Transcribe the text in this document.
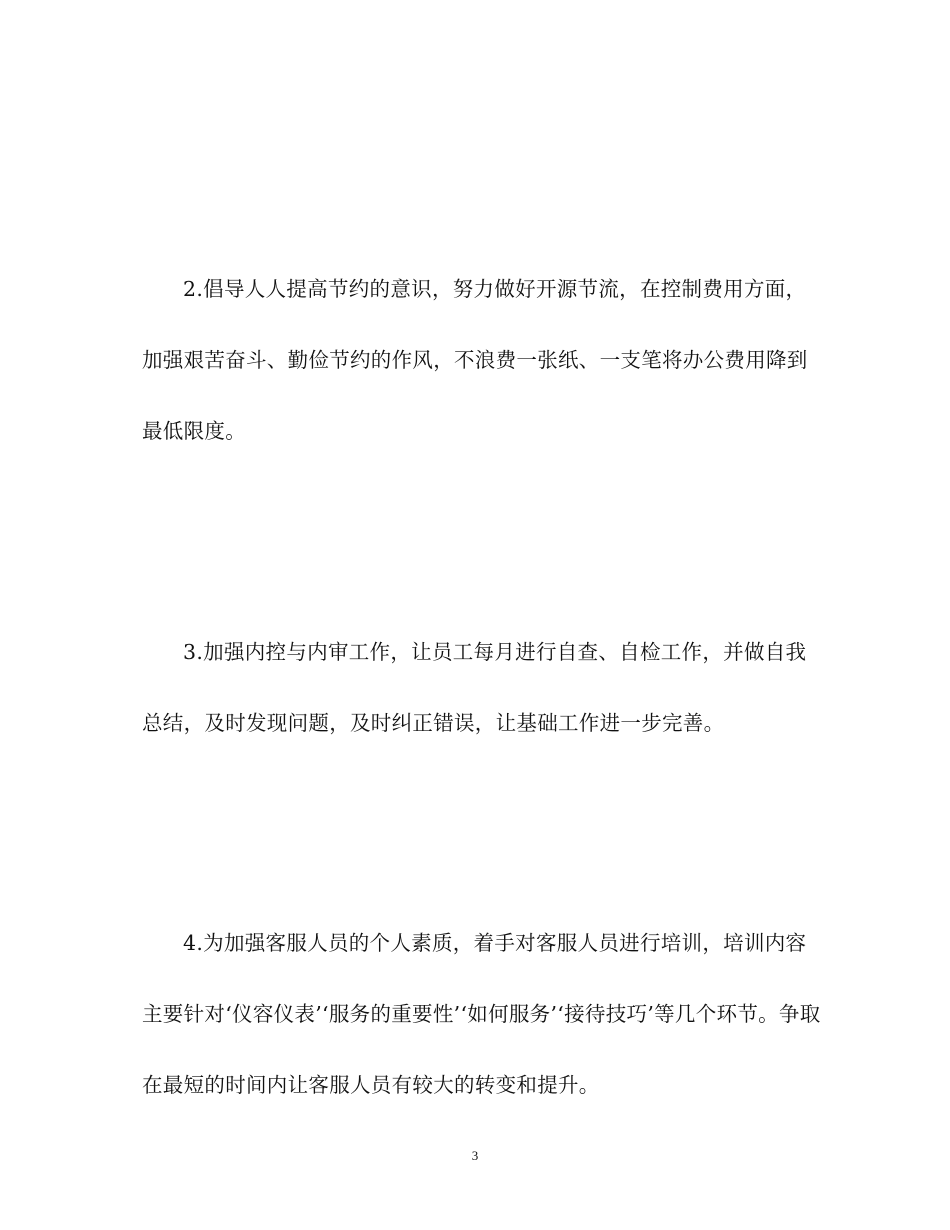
2.倡导人人提高节约的意识，努力做好开源节流，在控制费用方面，加强艰苦奋斗、勤俭节约的作风，不浪费一张纸、一支笔将办公费用降到最低限度。

3.加强内控与内审工作，让员工每月进行自查、自检工作，并做自我总结，及时发现问题，及时纠正错误，让基础工作进一步完善。

4.为加强客服人员的个人素质，着手对客服人员进行培训，培训内容主要针对‘仪容仪表’‘服务的重要性’‘如何服务’‘接待技巧’等几个环节。争取在最短的时间内让客服人员有较大的转变和提升。

3
